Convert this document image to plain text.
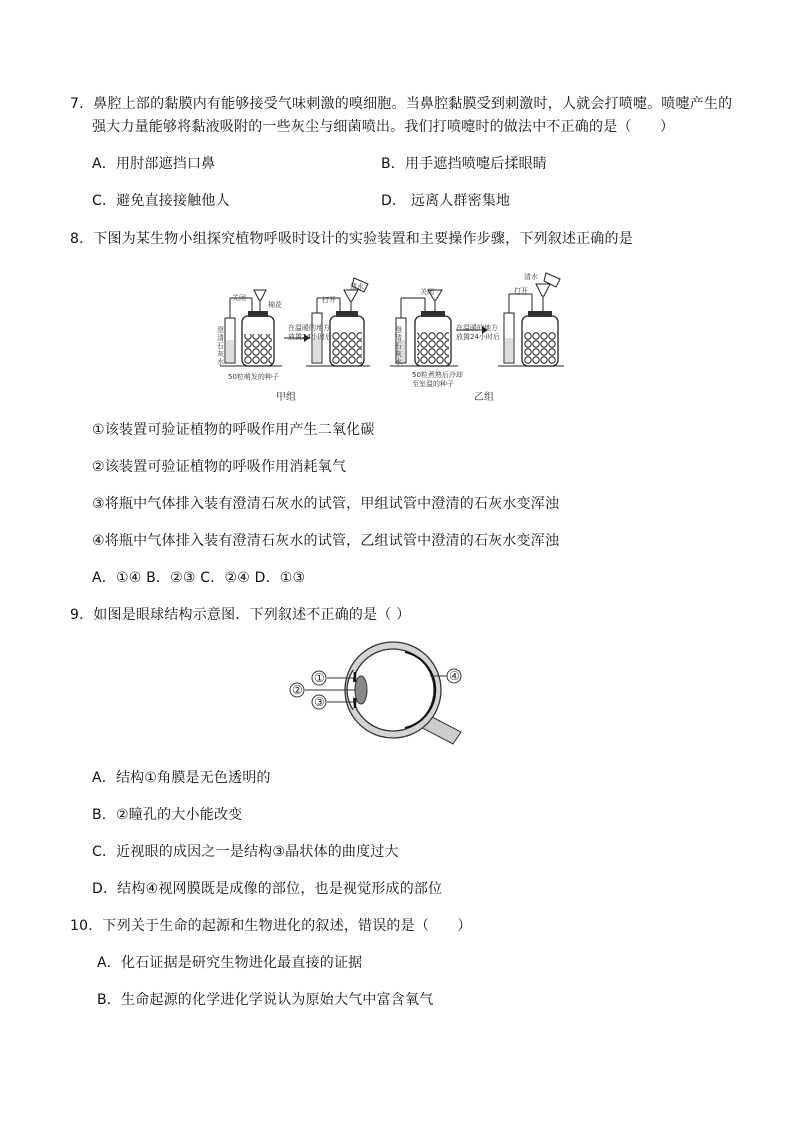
7．鼻腔上部的黏膜内有能够接受气味刺激的嗅细胞。当鼻腔黏膜受到刺激时，人就会打喷嚏。喷嚏产生的
强大力量能够将黏液吸附的一些灰尘与细菌喷出。我们打喷嚏时的做法中不正确的是（　　）
A．用肘部遮挡口鼻	B．用手遮挡喷嚏后揉眼睛
C．避免直接接触他人	D． 远离人群密集地
8．下图为某生物小组探究植物呼吸时设计的实验装置和主要操作步骤，下列叙述正确的是
关闭
棉花
清水
打开
澄清石灰水
在温暖的地方
放置24小时后
50粒萌发的种子
甲组
关闭
清水
打开
澄清石灰水
在温暖的地方
放置24小时后
50粒煮熟后冷却
至室温的种子
乙组
①该装置可验证植物的呼吸作用产生二氧化碳
②该装置可验证植物的呼吸作用消耗氧气
③将瓶中气体排入装有澄清石灰水的试管，甲组试管中澄清的石灰水变浑浊
④将瓶中气体排入装有澄清石灰水的试管，乙组试管中澄清的石灰水变浑浊
A．①④ B．②③ C．②④ D．①③
9．如图是眼球结构示意图．下列叙述不正确的是（ ）
①
②
③
④
A．结构①角膜是无色透明的
B．②瞳孔的大小能改变
C．近视眼的成因之一是结构③晶状体的曲度过大
D．结构④视网膜既是成像的部位，也是视觉形成的部位
10．下列关于生命的起源和生物进化的叙述，错误的是（　　）
A．化石证据是研究生物进化最直接的证据
B．生命起源的化学进化学说认为原始大气中富含氧气
